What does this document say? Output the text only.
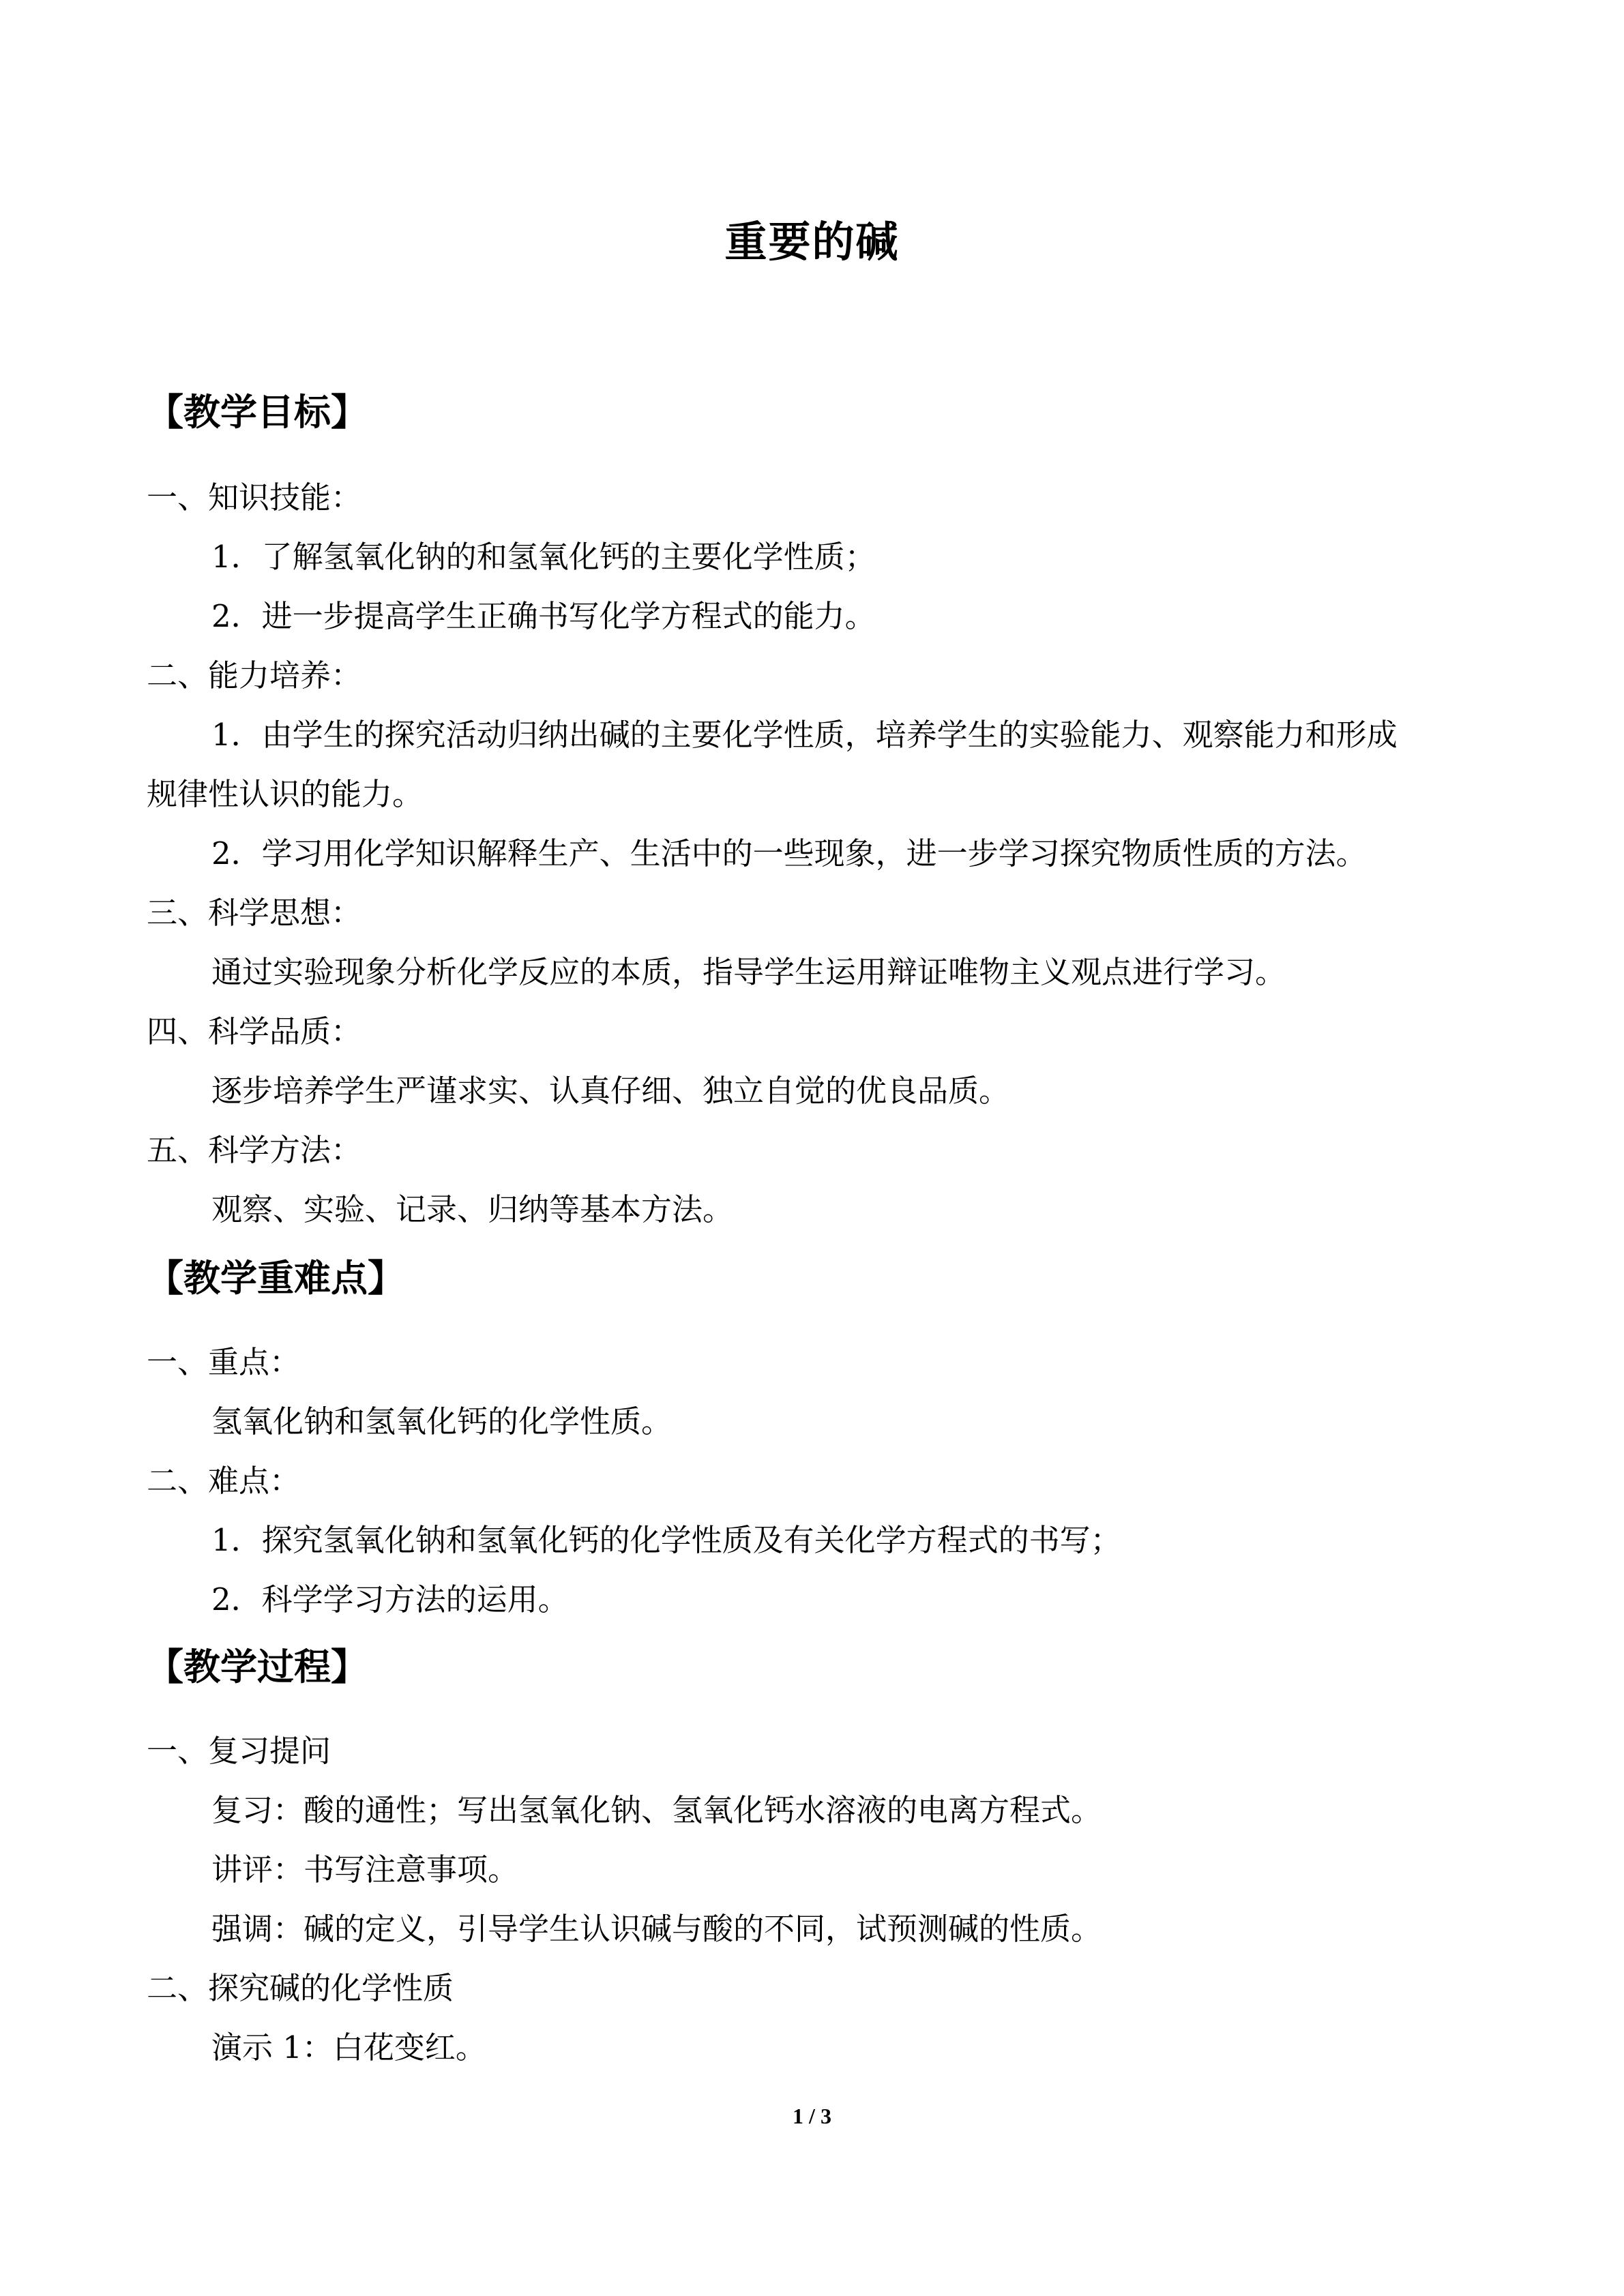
重要的碱
【教学目标】
一、知识技能：
1．了解氢氧化钠的和氢氧化钙的主要化学性质；
2．进一步提高学生正确书写化学方程式的能力。
二、能力培养：
1．由学生的探究活动归纳出碱的主要化学性质，培养学生的实验能力、观察能力和形成
规律性认识的能力。
2．学习用化学知识解释生产、生活中的一些现象，进一步学习探究物质性质的方法。
三、科学思想：
通过实验现象分析化学反应的本质，指导学生运用辩证唯物主义观点进行学习。
四、科学品质：
逐步培养学生严谨求实、认真仔细、独立自觉的优良品质。
五、科学方法：
观察、实验、记录、归纳等基本方法。
【教学重难点】
一、重点：
氢氧化钠和氢氧化钙的化学性质。
二、难点：
1．探究氢氧化钠和氢氧化钙的化学性质及有关化学方程式的书写；
2．科学学习方法的运用。
【教学过程】
一、复习提问
复习：酸的通性；写出氢氧化钠、氢氧化钙水溶液的电离方程式。
讲评：书写注意事项。
强调：碱的定义，引导学生认识碱与酸的不同，试预测碱的性质。
二、探究碱的化学性质
演示 1：白花变红。
1 / 3
